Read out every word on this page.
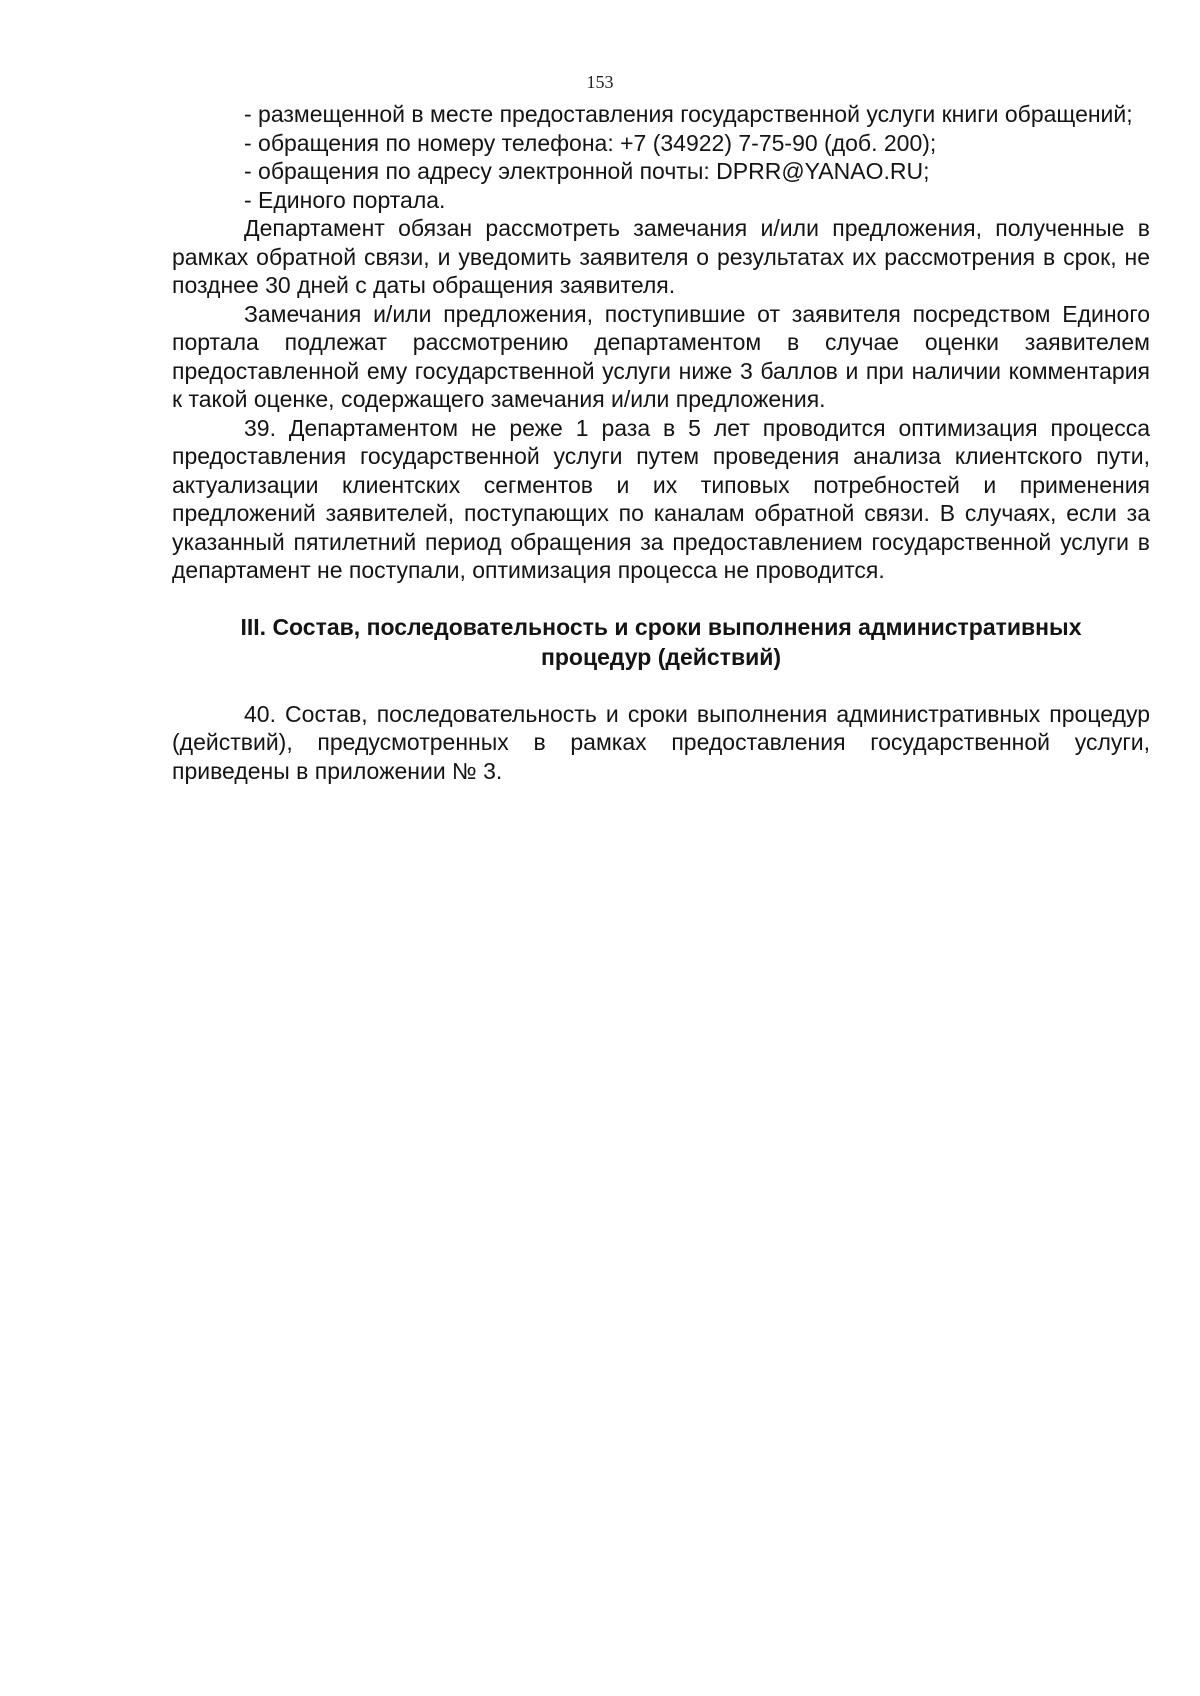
153

- размещенной в месте предоставления государственной услуги книги обращений;

- обращения по номеру телефона: +7 (34922) 7-75-90 (доб. 200);

- обращения по адресу электронной почты: DPRR@YANAO.RU;

- Единого портала.

Департамент обязан рассмотреть замечания и/или предложения, полученные в рамках обратной связи, и уведомить заявителя о результатах их рассмотрения в срок, не позднее 30 дней с даты обращения заявителя.

Замечания и/или предложения, поступившие от заявителя посредством Единого портала подлежат рассмотрению департаментом в случае оценки заявителем предоставленной ему государственной услуги ниже 3 баллов и при наличии комментария к такой оценке, содержащего замечания и/или предложения.

39. Департаментом не реже 1 раза в 5 лет проводится оптимизация процесса предоставления государственной услуги путем проведения анализа клиентского пути, актуализации клиентских сегментов и их типовых потребностей и применения предложений заявителей, поступающих по каналам обратной связи. В случаях, если за указанный пятилетний период обращения за предоставлением государственной услуги в департамент не поступали, оптимизация процесса не проводится.

III. Состав, последовательность и сроки выполнения административных
процедур (действий)

40. Состав, последовательность и сроки выполнения административных процедур (действий), предусмотренных в рамках предоставления государственной услуги, приведены в приложении № 3.
